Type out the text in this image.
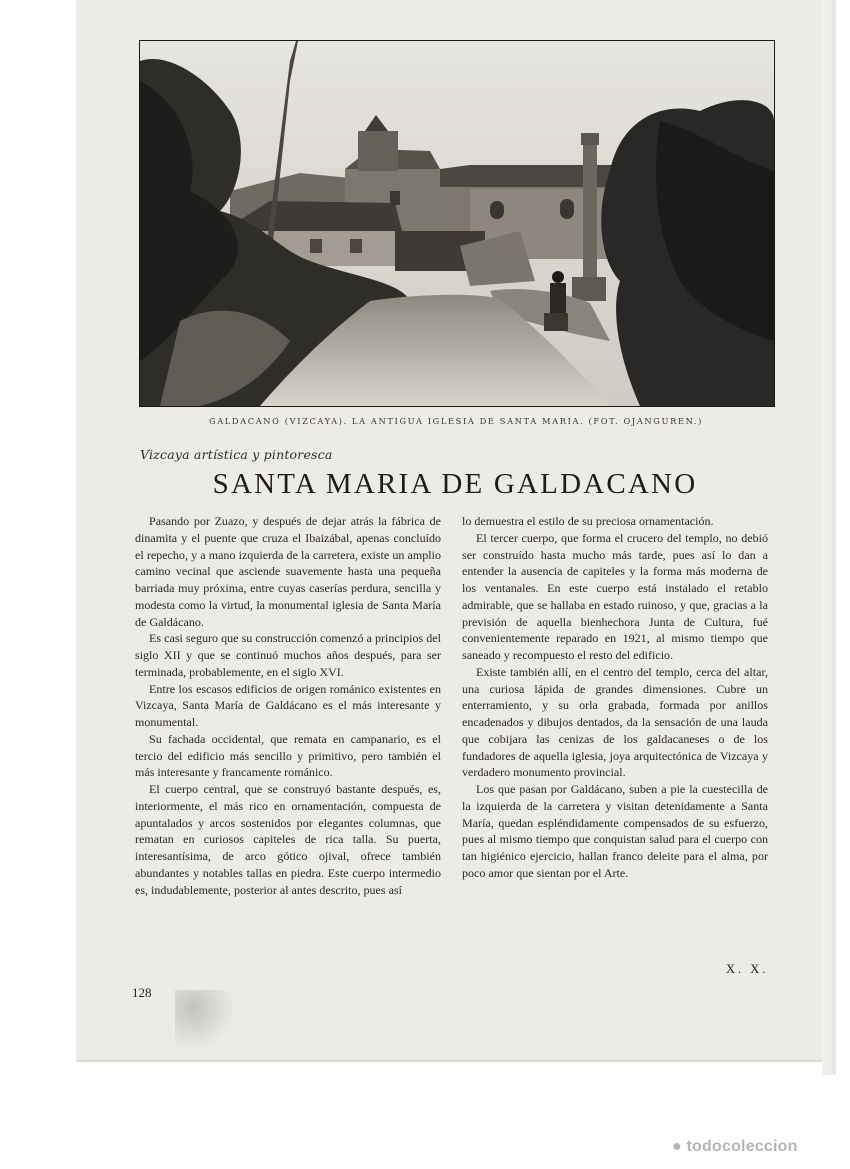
GALDACANO (VIZCAYA). LA ANTIGUA IGLESIA DE SANTA MARIA. (FOT. OJANGUREN.)
Vizcaya artística y pintoresca
SANTA MARIA DE GALDACANO

Pasando por Zuazo, y después de dejar atrás la fábrica de dinamita y el puente que cruza el Ibaizábal, apenas concluído el repecho, y a mano izquierda de la carretera, existe un amplio camino vecinal que asciende suavemente hasta una pequeña barriada muy próxima, entre cuyas caserías perdura, sencilla y modesta como la virtud, la monumental iglesia de Santa María de Galdácano.

Es casi seguro que su construcción comenzó a principios del siglo XII y que se continuó muchos años después, para ser terminada, probablemente, en el siglo XVI.

Entre los escasos edificios de origen románico existentes en Vizcaya, Santa María de Galdácano es el más interesante y monumental.

Su fachada occidental, que remata en campanario, es el tercio del edificio más sencillo y primitivo, pero también el más interesante y francamente románico.

El cuerpo central, que se construyó bastante después, es, interiormente, el más rico en ornamentación, compuesta de apuntalados y arcos sostenidos por elegantes columnas, que rematan en curiosos capiteles de rica talla. Su puerta, interesantísima, de arco gótico ojival, ofrece también abundantes y notables tallas en piedra. Este cuerpo intermedio es, indudablemente, posterior al antes descrito, pues así

lo demuestra el estilo de su preciosa ornamentación.

El tercer cuerpo, que forma el crucero del templo, no debió ser construído hasta mucho más tarde, pues así lo dan a entender la ausencia de capiteles y la forma más moderna de los ventanales. En este cuerpo está instalado el retablo admirable, que se hallaba en estado ruinoso, y que, gracias a la previsión de aquella bienhechora Junta de Cultura, fué convenientemente reparado en 1921, al mismo tiempo que saneado y recompuesto el resto del edificio.

Existe también allí, en el centro del templo, cerca del altar, una curiosa lápida de grandes dimensiones. Cubre un enterramiento, y su orla grabada, formada por anillos encadenados y dibujos dentados, da la sensación de una lauda que cobijara las cenizas de los galdacaneses o de los fundadores de aquella iglesia, joya arquitectónica de Vizcaya y verdadero monumento provincial.

Los que pasan por Galdácano, suben a pie la cuestecilla de la izquierda de la carretera y visitan detenidamente a Santa María, quedan espléndidamente compensados de su esfuerzo, pues al mismo tiempo que conquistan salud para el cuerpo con tan higiénico ejercicio, hallan franco deleite para el alma, por poco amor que sientan por el Arte.

X. X.
128
● todocoleccion
